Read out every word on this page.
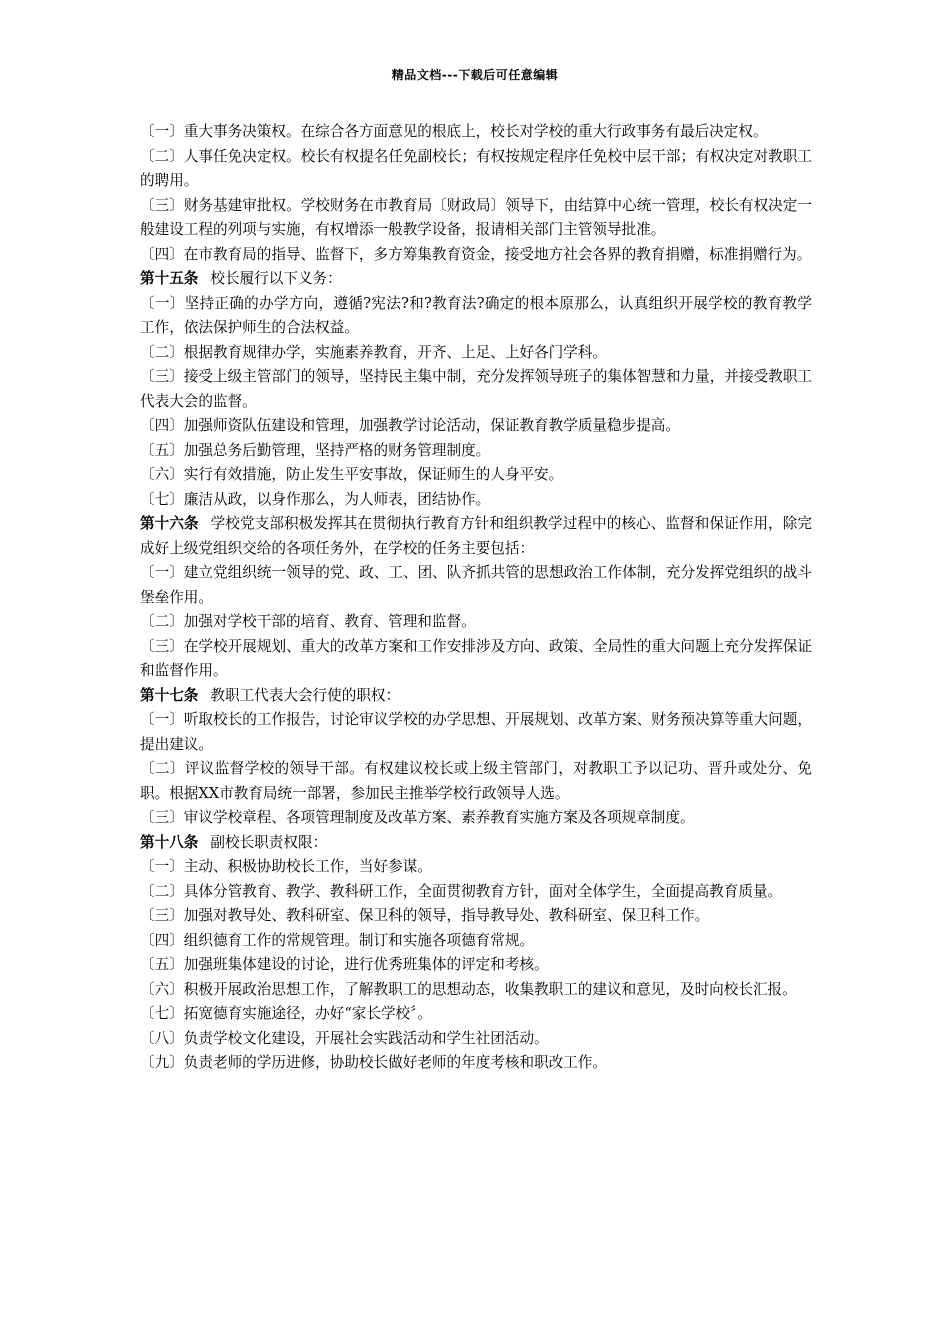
精品文档---下载后可任意编辑

〔一〕重大事务决策权。在综合各方面意见的根底上，校长对学校的重大行政事务有最后决定权。

〔二〕人事任免决定权。校长有权提名任免副校长；有权按规定程序任免校中层干部；有权决定对教职工的聘用。

〔三〕财务基建审批权。学校财务在市教育局〔财政局〕领导下，由结算中心统一管理，校长有权决定一般建设工程的列项与实施，有权增添一般教学设备，报请相关部门主管领导批准。

〔四〕在市教育局的指导、监督下，多方筹集教育资金，接受地方社会各界的教育捐赠，标准捐赠行为。

第十五条 校长履行以下义务：

〔一〕坚持正确的办学方向，遵循?宪法?和?教育法?确定的根本原那么，认真组织开展学校的教育教学工作，依法保护师生的合法权益。

〔二〕根据教育规律办学，实施素养教育，开齐、上足、上好各门学科。

〔三〕接受上级主管部门的领导，坚持民主集中制，充分发挥领导班子的集体智慧和力量，并接受教职工代表大会的监督。

〔四〕加强师资队伍建设和管理，加强教学讨论活动，保证教育教学质量稳步提高。

〔五〕加强总务后勤管理，坚持严格的财务管理制度。

〔六〕实行有效措施，防止发生平安事故，保证师生的人身平安。

〔七〕廉洁从政，以身作那么，为人师表，团结协作。

第十六条 学校党支部积极发挥其在贯彻执行教育方针和组织教学过程中的核心、监督和保证作用，除完成好上级党组织交给的各项任务外，在学校的任务主要包括：

〔一〕建立党组织统一领导的党、政、工、团、队齐抓共管的思想政治工作体制，充分发挥党组织的战斗堡垒作用。

〔二〕加强对学校干部的培育、教育、管理和监督。

〔三〕在学校开展规划、重大的改革方案和工作安排涉及方向、政策、全局性的重大问题上充分发挥保证和监督作用。

第十七条 教职工代表大会行使的职权：

〔一〕听取校长的工作报告，讨论审议学校的办学思想、开展规划、改革方案、财务预决算等重大问题，提出建议。

〔二〕评议监督学校的领导干部。有权建议校长或上级主管部门，对教职工予以记功、晋升或处分、免职。根据XX市教育局统一部署，参加民主推举学校行政领导人选。

〔三〕审议学校章程、各项管理制度及改革方案、素养教育实施方案及各项规章制度。

第十八条 副校长职责权限：

〔一〕主动、积极协助校长工作，当好参谋。

〔二〕具体分管教育、教学、教科研工作，全面贯彻教育方针，面对全体学生，全面提高教育质量。

〔三〕加强对教导处、教科研室、保卫科的领导，指导教导处、教科研室、保卫科工作。

〔四〕组织德育工作的常规管理。制订和实施各项德育常规。

〔五〕加强班集体建设的讨论，进行优秀班集体的评定和考核。

〔六〕积极开展政治思想工作，了解教职工的思想动态，收集教职工的建议和意见，及时向校长汇报。

〔七〕拓宽德育实施途径，办好“家长学校〞。

〔八〕负责学校文化建设，开展社会实践活动和学生社团活动。

〔九〕负责老师的学历进修，协助校长做好老师的年度考核和职改工作。
